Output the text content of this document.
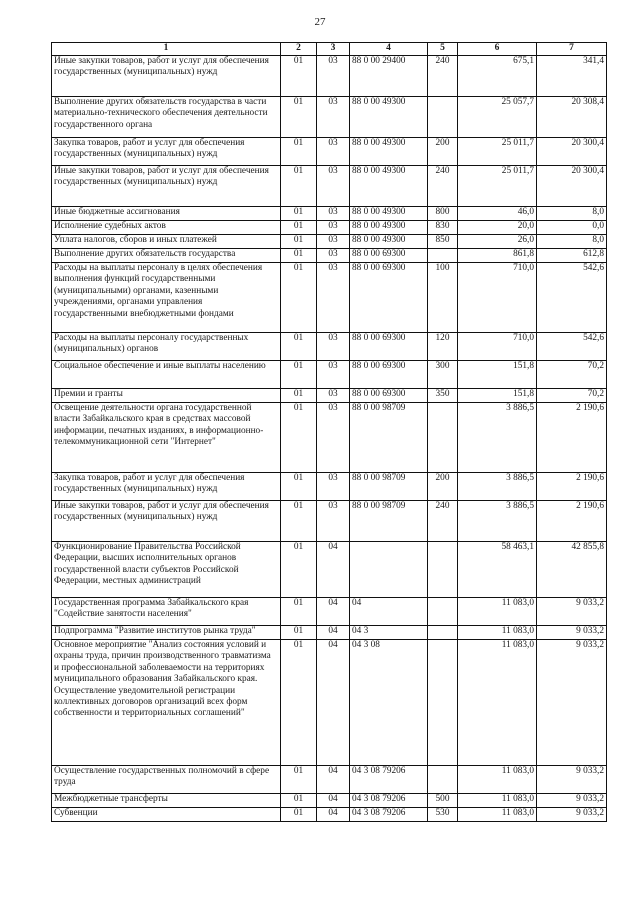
27
1	2	3	4	5	6	7
Иные закупки товаров, работ и услуг для обеспечения государственных (муниципальных) нужд	01	03	88 0 00 29400	240	675,1	341,4
Выполнение других обязательств государства в части материально-технического обеспечения деятельности государственного органа	01	03	88 0 00 49300		25 057,7	20 308,4
Закупка товаров, работ и услуг для обеспечения государственных (муниципальных) нужд	01	03	88 0 00 49300	200	25 011,7	20 300,4
Иные закупки товаров, работ и услуг для обеспечения государственных (муниципальных) нужд	01	03	88 0 00 49300	240	25 011,7	20 300,4
Иные бюджетные ассигнования	01	03	88 0 00 49300	800	46,0	8,0
Исполнение судебных актов	01	03	88 0 00 49300	830	20,0	0,0
Уплата налогов, сборов и иных платежей	01	03	88 0 00 49300	850	26,0	8,0
Выполнение других обязательств государства	01	03	88 0 00 69300		861,8	612,8
Расходы на выплаты персоналу в целях обеспечения выполнения функций государственными (муниципальными) органами, казенными учреждениями, органами управления государственными внебюджетными фондами	01	03	88 0 00 69300	100	710,0	542,6
Расходы на выплаты персоналу государственных (муниципальных) органов	01	03	88 0 00 69300	120	710,0	542,6
Социальное обеспечение и иные выплаты населению	01	03	88 0 00 69300	300	151,8	70,2
Премии и гранты	01	03	88 0 00 69300	350	151,8	70,2
Освещение деятельности органа государственной власти Забайкальского края в средствах массовой информации, печатных изданиях, в информационно-телекоммуникационной сети "Интернет"	01	03	88 0 00 98709		3 886,5	2 190,6
Закупка товаров, работ и услуг для обеспечения государственных (муниципальных) нужд	01	03	88 0 00 98709	200	3 886,5	2 190,6
Иные закупки товаров, работ и услуг для обеспечения государственных (муниципальных) нужд	01	03	88 0 00 98709	240	3 886,5	2 190,6
Функционирование Правительства Российской Федерации, высших исполнительных органов государственной власти субъектов Российской Федерации, местных администраций	01	04			58 463,1	42 855,8
Государственная программа Забайкальского края "Содействие занятости населения"	01	04	04		11 083,0	9 033,2
Подпрограмма "Развитие институтов рынка труда"	01	04	04 3		11 083,0	9 033,2
Основное мероприятие "Анализ состояния условий и охраны труда, причин производственного травматизма и профессиональной заболеваемости на территориях муниципального образования Забайкальского края. Осуществление уведомительной регистрации коллективных договоров организаций всех форм собственности и территориальных соглашений"	01	04	04 3 08		11 083,0	9 033,2
Осуществление государственных полномочий в сфере труда	01	04	04 3 08 79206		11 083,0	9 033,2
Межбюджетные трансферты	01	04	04 3 08 79206	500	11 083,0	9 033,2
Субвенции	01	04	04 3 08 79206	530	11 083,0	9 033,2
